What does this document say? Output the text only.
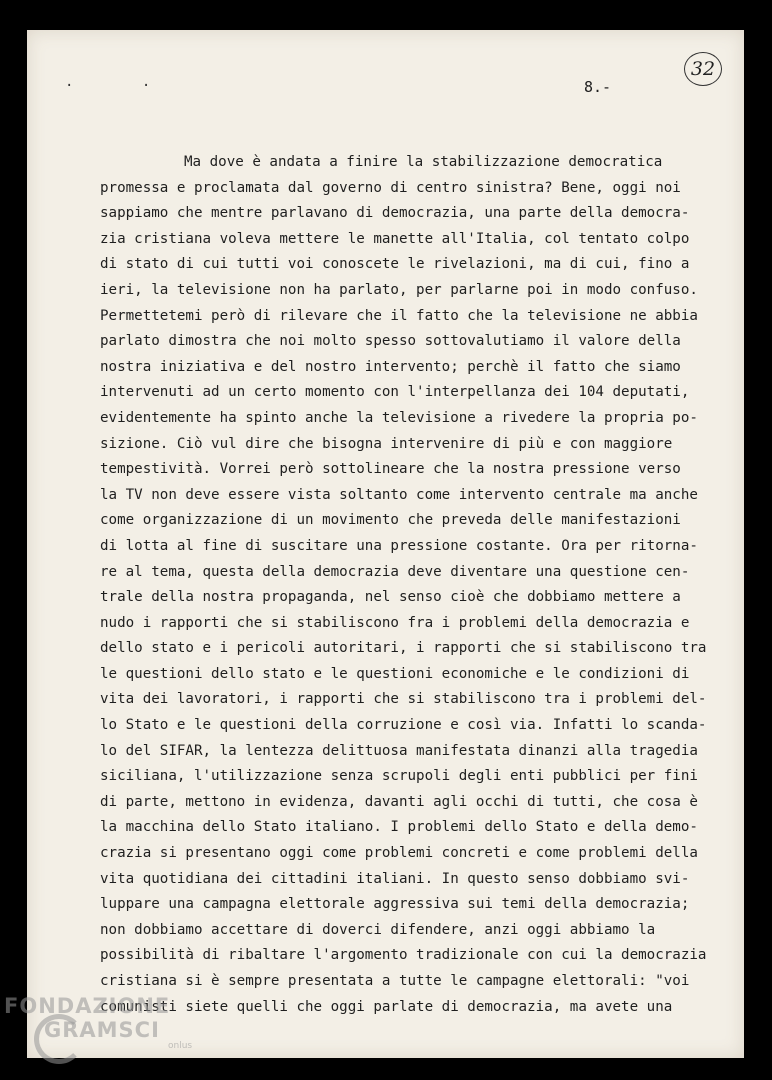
. .	8.-
32
Ma dove è andata a finire la stabilizzazione democratica
promessa e proclamata dal governo di centro sinistra? Bene, oggi noi
sappiamo che mentre parlavano di democrazia, una parte della democra-
zia cristiana voleva mettere le manette all'Italia, col tentato colpo
di stato di cui tutti voi conoscete le rivelazioni, ma di cui, fino a
ieri, la televisione non ha parlato, per parlarne poi in modo confuso.
Permettetemi però di rilevare che il fatto che la televisione ne abbia
parlato dimostra che noi molto spesso sottovalutiamo il valore della
nostra iniziativa e del nostro intervento; perchè il fatto che siamo
intervenuti ad un certo momento con l'interpellanza dei 104 deputati,
evidentemente ha spinto anche la televisione a rivedere la propria po-
sizione. Ciò vul dire che bisogna intervenire di più e con maggiore
tempestività. Vorrei però sottolineare che la nostra pressione verso
la TV non deve essere vista soltanto come intervento centrale ma anche
come organizzazione di un movimento che preveda delle manifestazioni
di lotta al fine di suscitare una pressione costante. Ora per ritorna-
re al tema, questa della democrazia deve diventare una questione cen-
trale della nostra propaganda, nel senso cioè che dobbiamo mettere a
nudo i rapporti che si stabiliscono fra i problemi della democrazia e
dello stato e i pericoli autoritari, i rapporti che si stabiliscono tra
le questioni dello stato e le questioni economiche e le condizioni di
vita dei lavoratori, i rapporti che si stabiliscono tra i problemi del-
lo Stato e le questioni della corruzione e così via. Infatti lo scanda-
lo del SIFAR, la lentezza delittuosa manifestata dinanzi alla tragedia
siciliana, l'utilizzazione senza scrupoli degli enti pubblici per fini
di parte, mettono in evidenza, davanti agli occhi di tutti, che cosa è
la macchina dello Stato italiano. I problemi dello Stato e della demo-
crazia si presentano oggi come problemi concreti e come problemi della
vita quotidiana dei cittadini italiani. In questo senso dobbiamo svi-
luppare una campagna elettorale aggressiva sui temi della democrazia;
non dobbiamo accettare di doverci difendere, anzi oggi abbiamo la
possibilità di ribaltare l'argomento tradizionale con cui la democrazia
cristiana si è sempre presentata a tutte le campagne elettorali: "voi
comunisti siete quelli che oggi parlate di democrazia, ma avete una
FONDAZIONE
GRAMSCI
onlus
